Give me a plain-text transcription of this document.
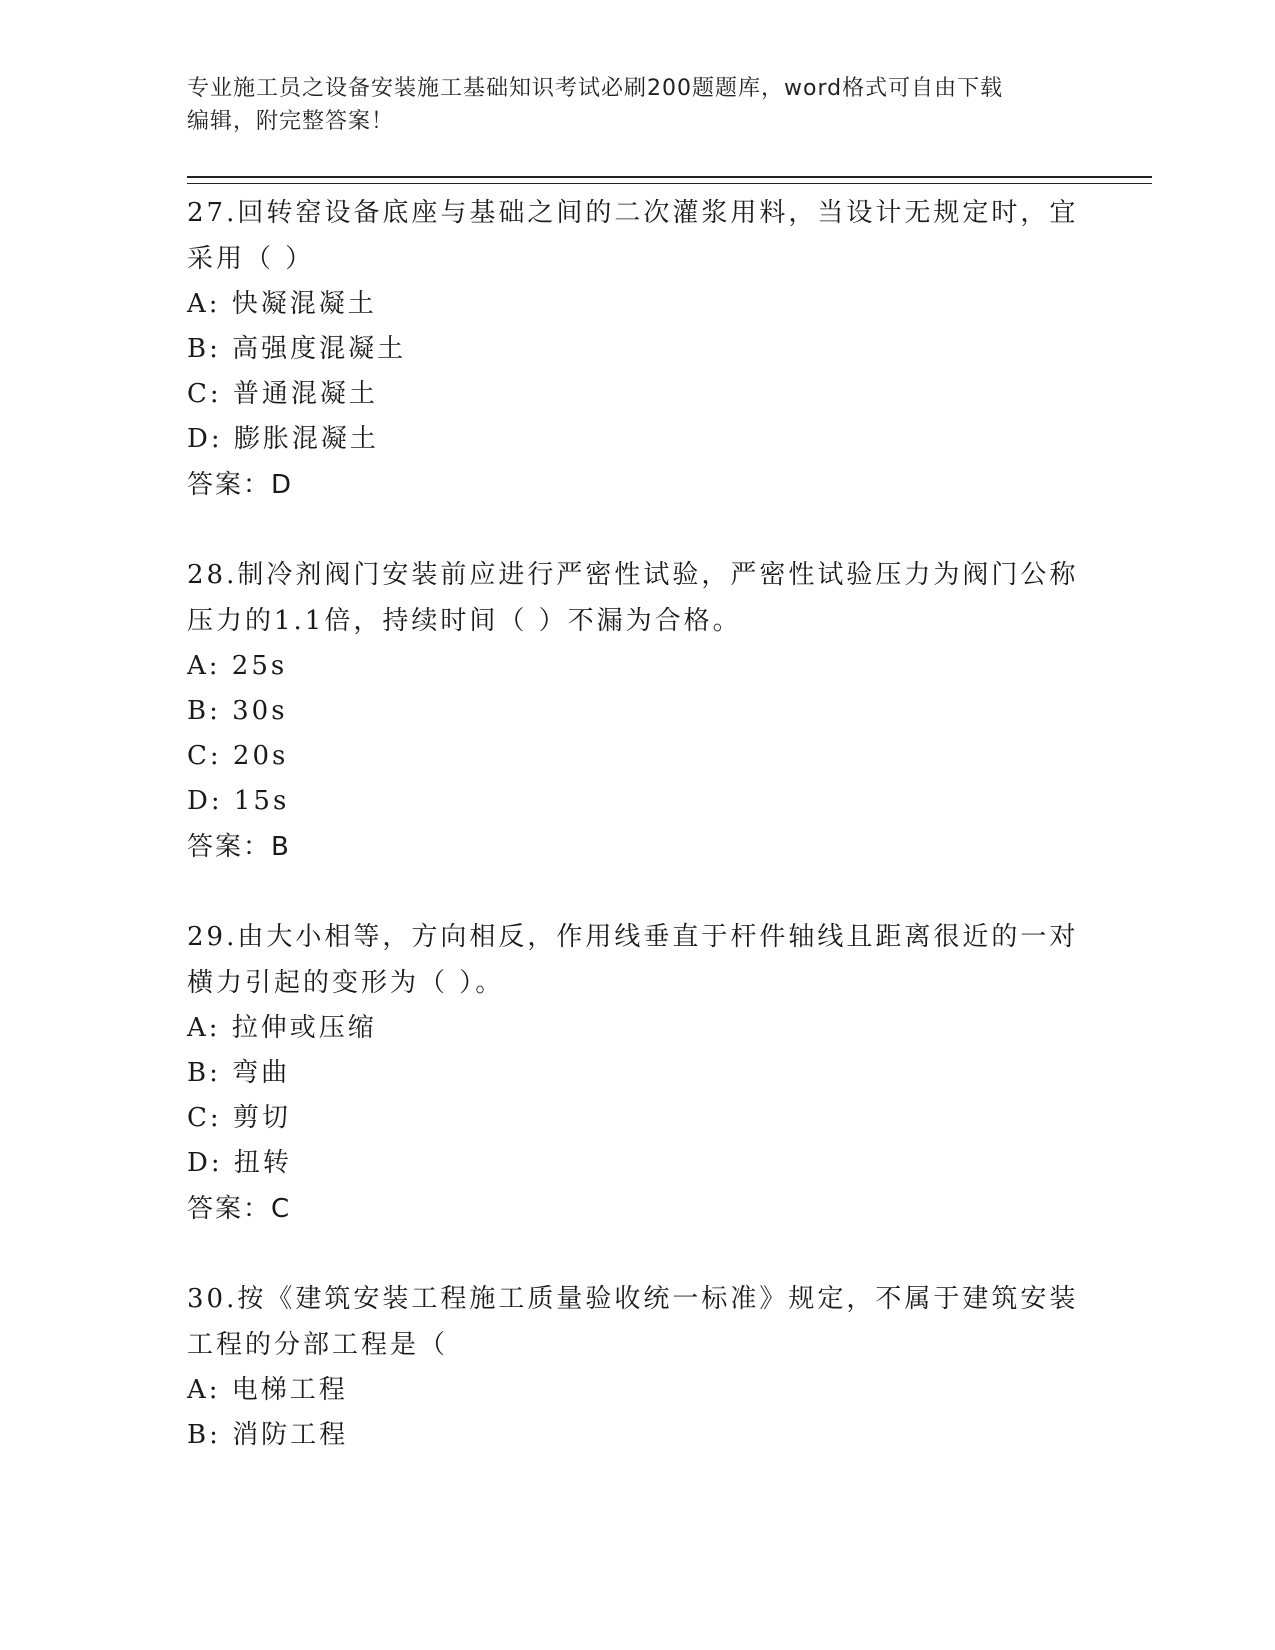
专业施工员之设备安装施工基础知识考试必刷200题题库，word格式可自由下载
编辑，附完整答案！

27.回转窑设备底座与基础之间的二次灌浆用料，当设计无规定时，宜
采用（ ）

A: 快凝混凝土

B: 高强度混凝土

C: 普通混凝土

D: 膨胀混凝土

答案：D

28.制冷剂阀门安装前应进行严密性试验，严密性试验压力为阀门公称
压力的1.1倍，持续时间（ ）不漏为合格。

A: 25s

B: 30s

C: 20s

D: 15s

答案：B

29.由大小相等，方向相反，作用线垂直于杆件轴线且距离很近的一对
横力引起的变形为（ ）。

A: 拉伸或压缩

B: 弯曲

C: 剪切

D: 扭转

答案：C

30.按《建筑安装工程施工质量验收统一标准》规定，不属于建筑安装
工程的分部工程是（

A: 电梯工程

B: 消防工程
